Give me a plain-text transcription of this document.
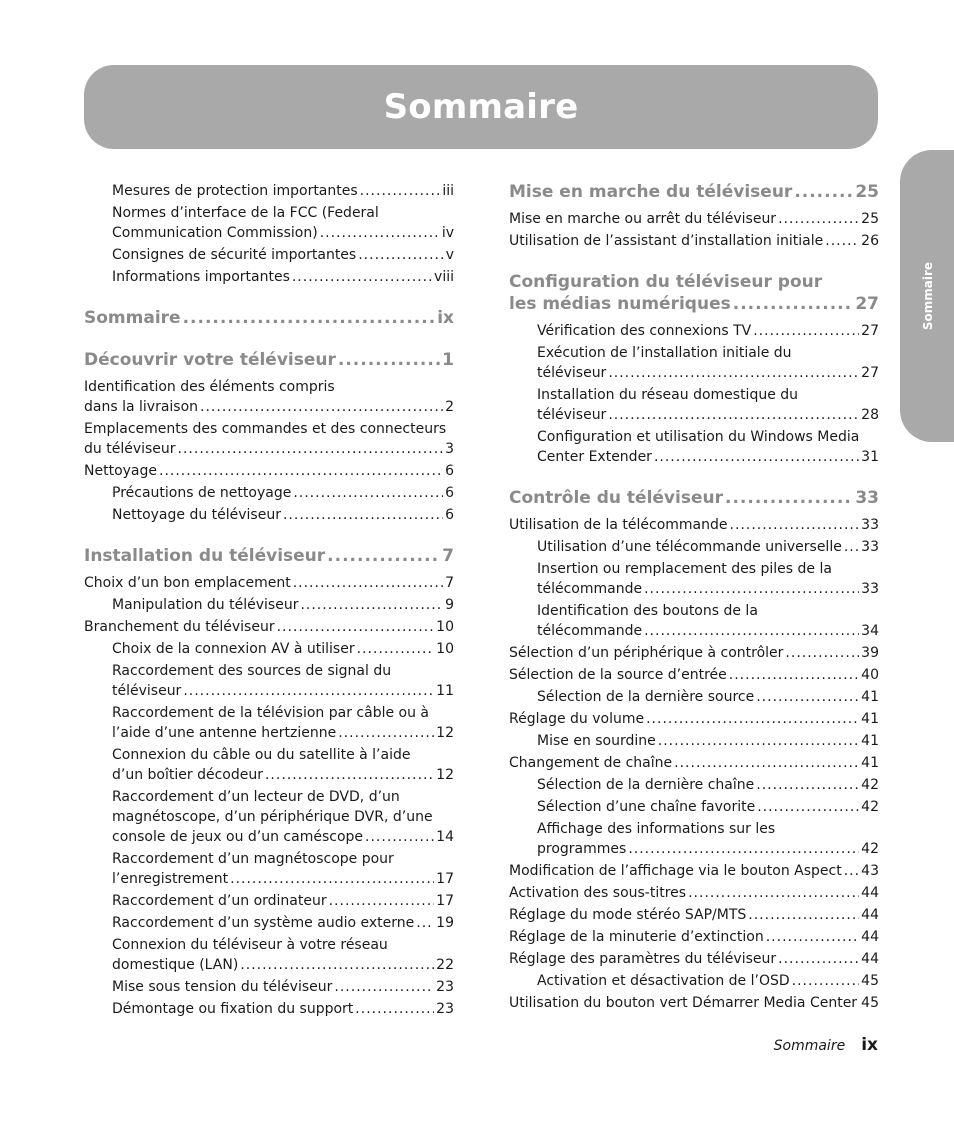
Sommaire
Sommaire
Mesures de protection importantes .....	iii
Normes d’interface de la FCC (Federal
Communication Commission) .....	iv
Consignes de sécurité importantes .....	v
Informations importantes .....	viii
Sommaire .....	ix
Découvrir votre téléviseur .....	1
Identification des éléments compris
dans la livraison .....	2
Emplacements des commandes et des connecteurs
du téléviseur .....	3
Nettoyage .....	6
Précautions de nettoyage .....	6
Nettoyage du téléviseur .....	6
Installation du téléviseur .....	7
Choix d’un bon emplacement .....	7
Manipulation du téléviseur .....	9
Branchement du téléviseur .....	10
Choix de la connexion AV à utiliser .....	10
Raccordement des sources de signal du
téléviseur .....	11
Raccordement de la télévision par câble ou à
l’aide d’une antenne hertzienne .....	12
Connexion du câble ou du satellite à l’aide
d’un boîtier décodeur .....	12
Raccordement d’un lecteur de DVD, d’un
magnétoscope, d’un périphérique DVR, d’une
console de jeux ou d’un caméscope .....	14
Raccordement d’un magnétoscope pour
l’enregistrement .....	17
Raccordement d’un ordinateur .....	17
Raccordement d’un système audio externe ..... 19
Connexion du téléviseur à votre réseau
domestique (LAN) .....	22
Mise sous tension du téléviseur .....	23
Démontage ou fixation du support .....	23
Mise en marche du téléviseur .....	25
Mise en marche ou arrêt du téléviseur .....	25
Utilisation de l’assistant d’installation initiale .....	26
Configuration du téléviseur pour
les médias numériques .....	27
Vérification des connexions TV .....	27
Exécution de l’installation initiale du
téléviseur .....	27
Installation du réseau domestique du
téléviseur .....	28
Configuration et utilisation du Windows Media
Center Extender .....	31
Contrôle du téléviseur .....	33
Utilisation de la télécommande .....	33
Utilisation d’une télécommande universelle ..... 33
Insertion ou remplacement des piles de la
télécommande .....	33
Identification des boutons de la
télécommande .....	34
Sélection d’un périphérique à contrôler .....	39
Sélection de la source d’entrée .....	40
Sélection de la dernière source .....	41
Réglage du volume .....	41
Mise en sourdine .....	41
Changement de chaîne .....	41
Sélection de la dernière chaîne .....	42
Sélection d’une chaîne favorite .....	42
Affichage des informations sur les
programmes .....	42
Modification de l’affichage via le bouton Aspect ..... 43
Activation des sous-titres .....	44
Réglage du mode stéréo SAP/MTS .....	44
Réglage de la minuterie d’extinction .....	44
Réglage des paramètres du téléviseur .....	44
Activation et désactivation de l’OSD .....	45
Utilisation du bouton vert Démarrer Media Center ..... 45
Sommaire ix
